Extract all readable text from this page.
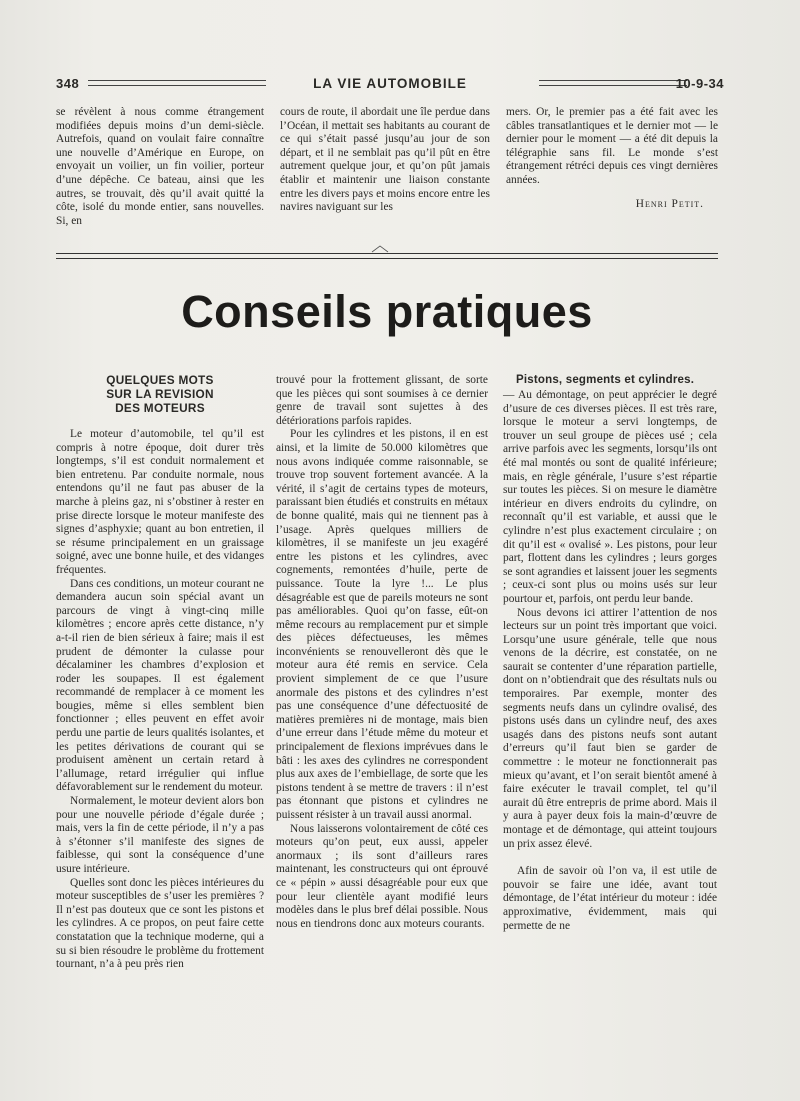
348	LA VIE AUTOMOBILE	10-9-34

se révèlent à nous comme étrangement modifiées depuis moins d’un demi-siècle. Autrefois, quand on voulait faire connaître une nouvelle d’Amérique en Europe, on envoyait un voilier, un fin voilier, porteur d’une dépêche. Ce bateau, ainsi que les autres, se trouvait, dès qu’il avait quitté la côte, isolé du monde entier, sans nouvelles. Si, en

cours de route, il abordait une île perdue dans l’Océan, il mettait ses habitants au courant de ce qui s’était passé jusqu’au jour de son départ, et il ne semblait pas qu’il pût en être autrement quelque jour, et qu’on pût jamais établir et maintenir une liaison constante entre les divers pays et moins encore entre les navires naviguant sur les

mers. Or, le premier pas a été fait avec les câbles transatlantiques et le dernier mot — le dernier pour le moment — a été dit depuis la télégraphie sans fil. Le monde s’est étrangement rétréci depuis ces vingt dernières années.

Henri Petit.
Conseils pratiques
QUELQUES MOTS
SUR LA REVISION
DES MOTEURS

Le moteur d’automobile, tel qu’il est compris à notre époque, doit durer très longtemps, s’il est conduit normalement et bien entretenu. Par conduite normale, nous entendons qu’il ne faut pas abuser de la marche à pleins gaz, ni s’obstiner à rester en prise directe lorsque le moteur manifeste des signes d’asphyxie; quant au bon entretien, il se résume principalement en un graissage soigné, avec une bonne huile, et des vidanges fréquentes.

Dans ces conditions, un moteur courant ne demandera aucun soin spécial avant un parcours de vingt à vingt-cinq mille kilomètres ; encore après cette distance, n’y a-t-il rien de bien sérieux à faire; mais il est prudent de démonter la culasse pour décalaminer les chambres d’explosion et roder les soupapes. Il est également recommandé de remplacer à ce moment les bougies, même si elles semblent bien fonctionner ; elles peuvent en effet avoir perdu une partie de leurs qualités isolantes, et les petites dérivations de courant qui se produisent amènent un certain retard à l’allumage, retard irrégulier qui influe défavorablement sur le rendement du moteur.

Normalement, le moteur devient alors bon pour une nouvelle période d’égale durée ; mais, vers la fin de cette période, il n’y a pas à s’étonner s’il manifeste des signes de faiblesse, qui sont la conséquence d’une usure intérieure.

Quelles sont donc les pièces intérieures du moteur susceptibles de s’user les premières ? Il n’est pas douteux que ce sont les pistons et les cylindres. A ce propos, on peut faire cette constatation que la technique moderne, qui a su si bien résoudre le problème du frottement tournant, n’a à peu près rien

trouvé pour la frottement glissant, de sorte que les pièces qui sont soumises à ce dernier genre de travail sont sujettes à des détériorations parfois rapides.

Pour les cylindres et les pistons, il en est ainsi, et la limite de 50.000 kilomètres que nous avons indiquée comme raisonnable, se trouve trop souvent fortement avancée. A la vérité, il s’agit de certains types de moteurs, paraissant bien étudiés et construits en métaux de bonne qualité, mais qui ne tiennent pas à l’usage. Après quelques milliers de kilomètres, il se manifeste un jeu exagéré entre les pistons et les cylindres, avec cognements, remontées d’huile, perte de puissance. Toute la lyre !... Le plus désagréable est que de pareils moteurs ne sont pas améliorables. Quoi qu’on fasse, eût-on même recours au remplacement pur et simple des pièces défectueuses, les mêmes inconvénients se renouvelleront dès que le moteur aura été remis en service. Cela provient simplement de ce que l’usure anormale des pistons et des cylindres n’est pas une conséquence d’une défectuosité de matières premières ni de montage, mais bien d’une erreur dans l’étude même du moteur et principalement de flexions imprévues dans le bâti : les axes des cylindres ne correspondent plus aux axes de l’embiellage, de sorte que les pistons tendent à se mettre de travers : il n’est pas étonnant que pistons et cylindres ne puissent résister à un travail aussi anormal.

Nous laisserons volontairement de côté ces moteurs qu’on peut, eux aussi, appeler anormaux ; ils sont d’ailleurs rares maintenant, les constructeurs qui ont éprouvé ce « pépin » aussi désagréable pour eux que pour leur clientèle ayant modifié leurs modèles dans le plus bref délai possible. Nous nous en tiendrons donc aux moteurs courants.

Pistons, segments et cylindres.

— Au démontage, on peut apprécier le degré d’usure de ces diverses pièces. Il est très rare, lorsque le moteur a servi longtemps, de trouver un seul groupe de pièces usé ; cela arrive parfois avec les segments, lorsqu’ils ont été mal montés ou sont de qualité inférieure; mais, en règle générale, l’usure s’est répartie sur toutes les pièces. Si on mesure le diamètre intérieur en divers endroits du cylindre, on reconnaît qu’il est variable, et aussi que le cylindre n’est plus exactement circulaire ; on dit qu’il est « ovalisé ». Les pistons, pour leur part, flottent dans les cylindres ; leurs gorges se sont agrandies et laissent jouer les segments ; ceux-ci sont plus ou moins usés sur leur pourtour et, parfois, ont perdu leur bande.

Nous devons ici attirer l’attention de nos lecteurs sur un point très important que voici. Lorsqu’une usure générale, telle que nous venons de la décrire, est constatée, on ne saurait se contenter d’une réparation partielle, dont on n’obtiendrait que des résultats nuls ou temporaires. Par exemple, monter des segments neufs dans un cylindre ovalisé, des pistons usés dans un cylindre neuf, des axes usagés dans des pistons neufs sont autant d’erreurs qu’il faut bien se garder de commettre : le moteur ne fonctionnerait pas mieux qu’avant, et l’on serait bientôt amené à faire exécuter le travail complet, tel qu’il aurait dû être entrepris de prime abord. Mais il y aura à payer deux fois la main-d’œuvre de montage et de démontage, qui atteint toujours un prix assez élevé.

Afin de savoir où l’on va, il est utile de pouvoir se faire une idée, avant tout démontage, de l’état intérieur du moteur : idée approximative, évidemment, mais qui permette de ne
